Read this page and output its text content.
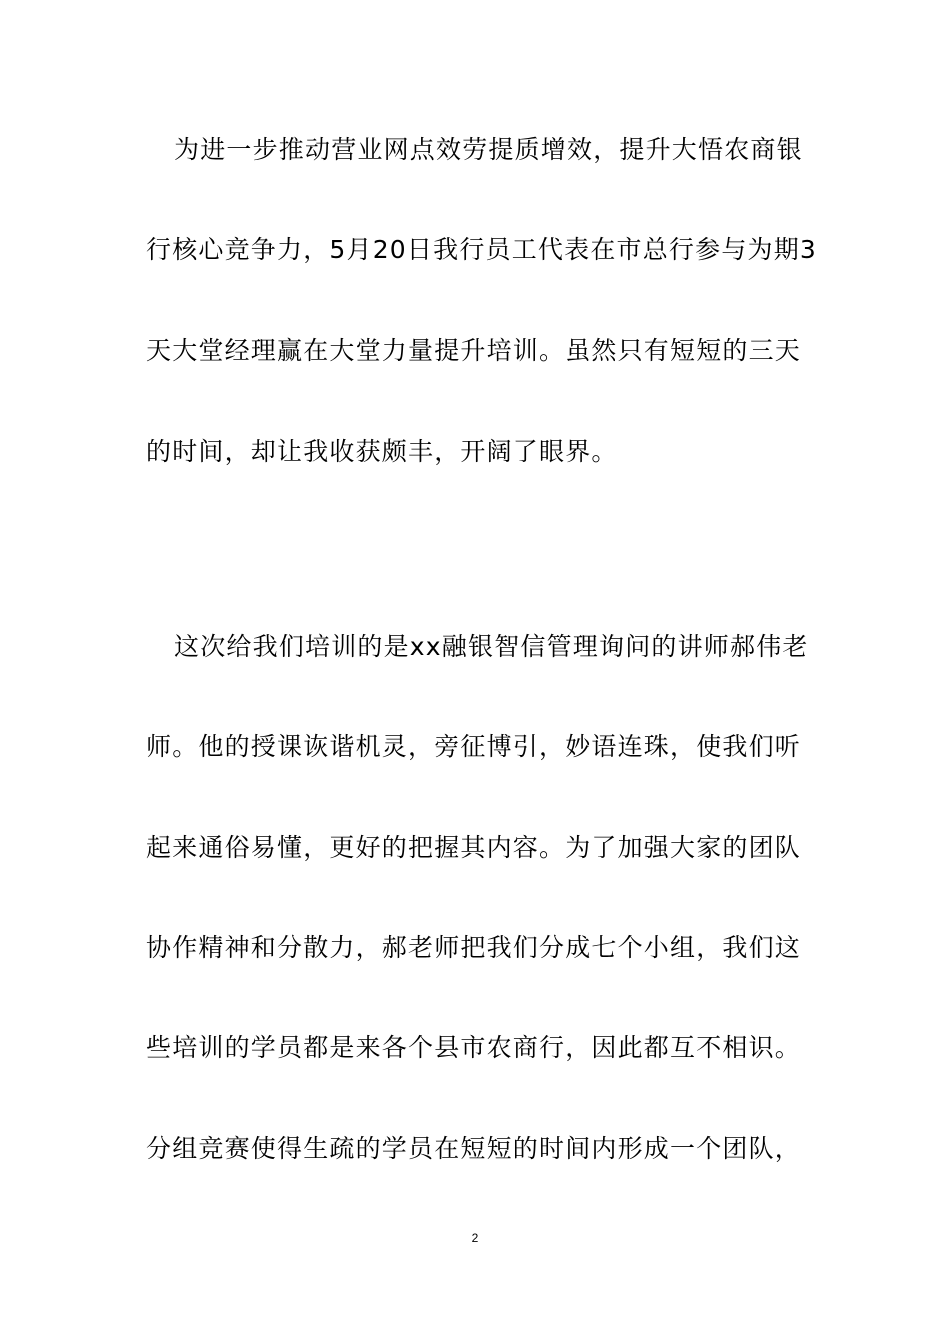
为进一步推动营业网点效劳提质增效，提升大悟农商银
行核心竞争力，5月20日我行员工代表在市总行参与为期3
天大堂经理赢在大堂力量提升培训。虽然只有短短的三天
的时间，却让我收获颇丰，开阔了眼界。
这次给我们培训的是xx融银智信管理询问的讲师郝伟老
师。他的授课诙谐机灵，旁征博引，妙语连珠，使我们听
起来通俗易懂，更好的把握其内容。为了加强大家的团队
协作精神和分散力，郝老师把我们分成七个小组，我们这
些培训的学员都是来各个县市农商行，因此都互不相识。
分组竞赛使得生疏的学员在短短的时间内形成一个团队，
2
